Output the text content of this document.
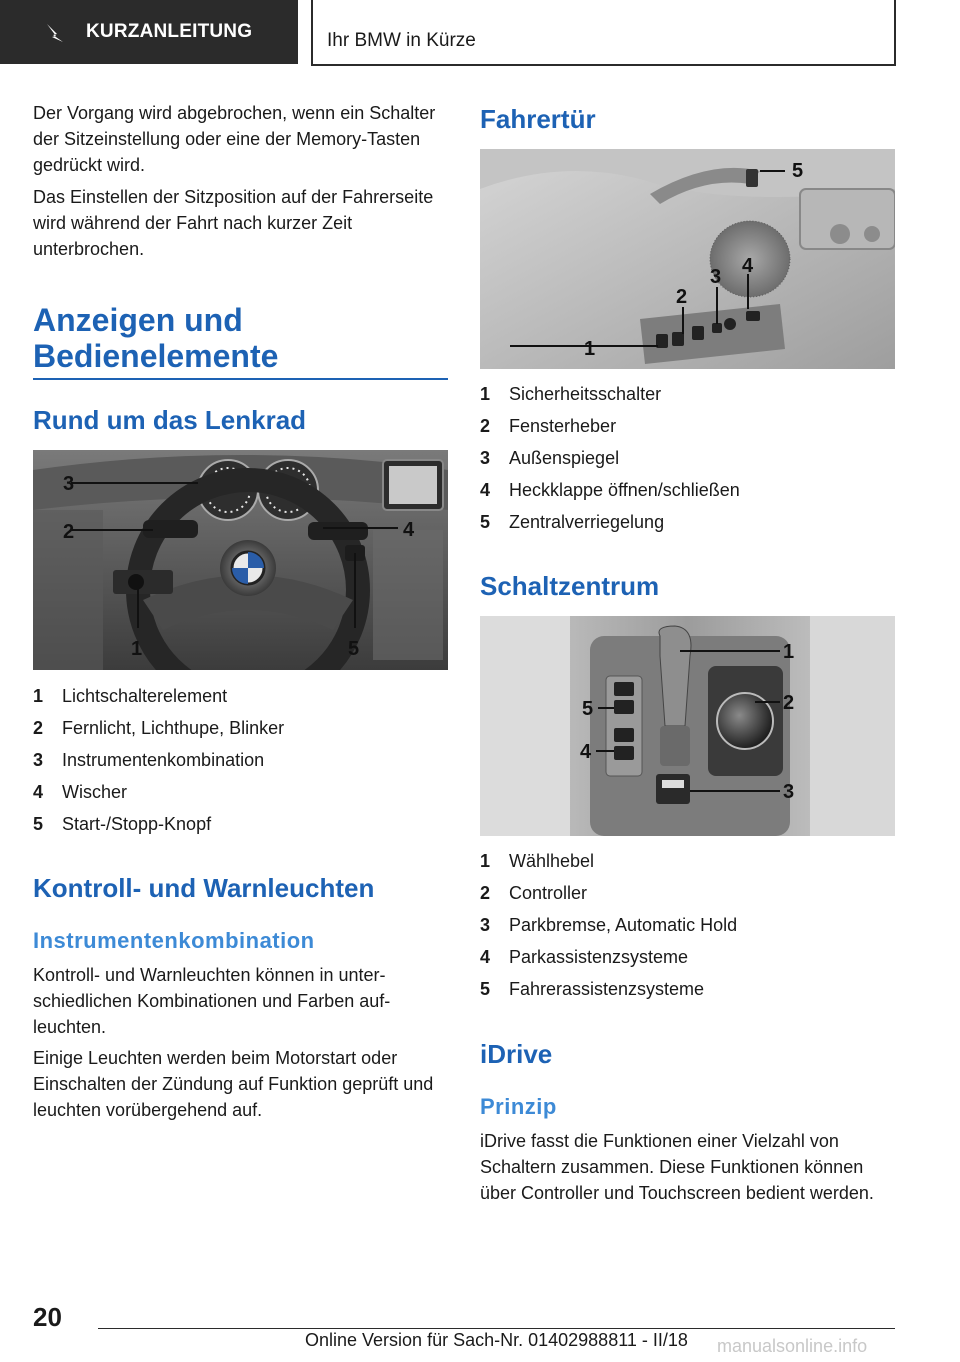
KURZANLEITUNG	Ihr BMW in Kürze

Der Vorgang wird abgebrochen, wenn ein Schalter der Sitzeinstellung oder eine der Memory-Tasten gedrückt wird.

Das Einstellen der Sitzposition auf der Fahrerseite wird während der Fahrt nach kurzer Zeit unterbrochen.

Anzeigen und Bedienelemente
Rund um das Lenkrad
3
2	4
1	5
1	Lichtschalterelement
2	Fernlicht, Lichthupe, Blinker
3	Instrumentenkombination
4	Wischer
5	Start-/Stopp-Knopf
Kontroll- und Warnleuchten
Instrumentenkombination

Kontroll- und Warnleuchten können in unterschiedlichen Kombinationen und Farben aufleuchten.

Einige Leuchten werden beim Motorstart oder Einschalten der Zündung auf Funktion geprüft und leuchten vorübergehend auf.

Fahrertür
5
3 4
2
1
1	Sicherheitsschalter
2	Fensterheber
3	Außenspiegel
4	Heckklappe öffnen/schließen
5	Zentralverriegelung
Schaltzentrum
1
2
5
4
3
1	Wählhebel
2	Controller
3	Parkbremse, Automatic Hold
4	Parkassistenzsysteme
5	Fahrerassistenzsysteme
iDrive
Prinzip

iDrive fasst die Funktionen einer Vielzahl von Schaltern zusammen. Diese Funktionen können über Controller und Touchscreen bedient werden.

20
Online Version für Sach-Nr. 01402988811 - II/18 manualsonline.info
